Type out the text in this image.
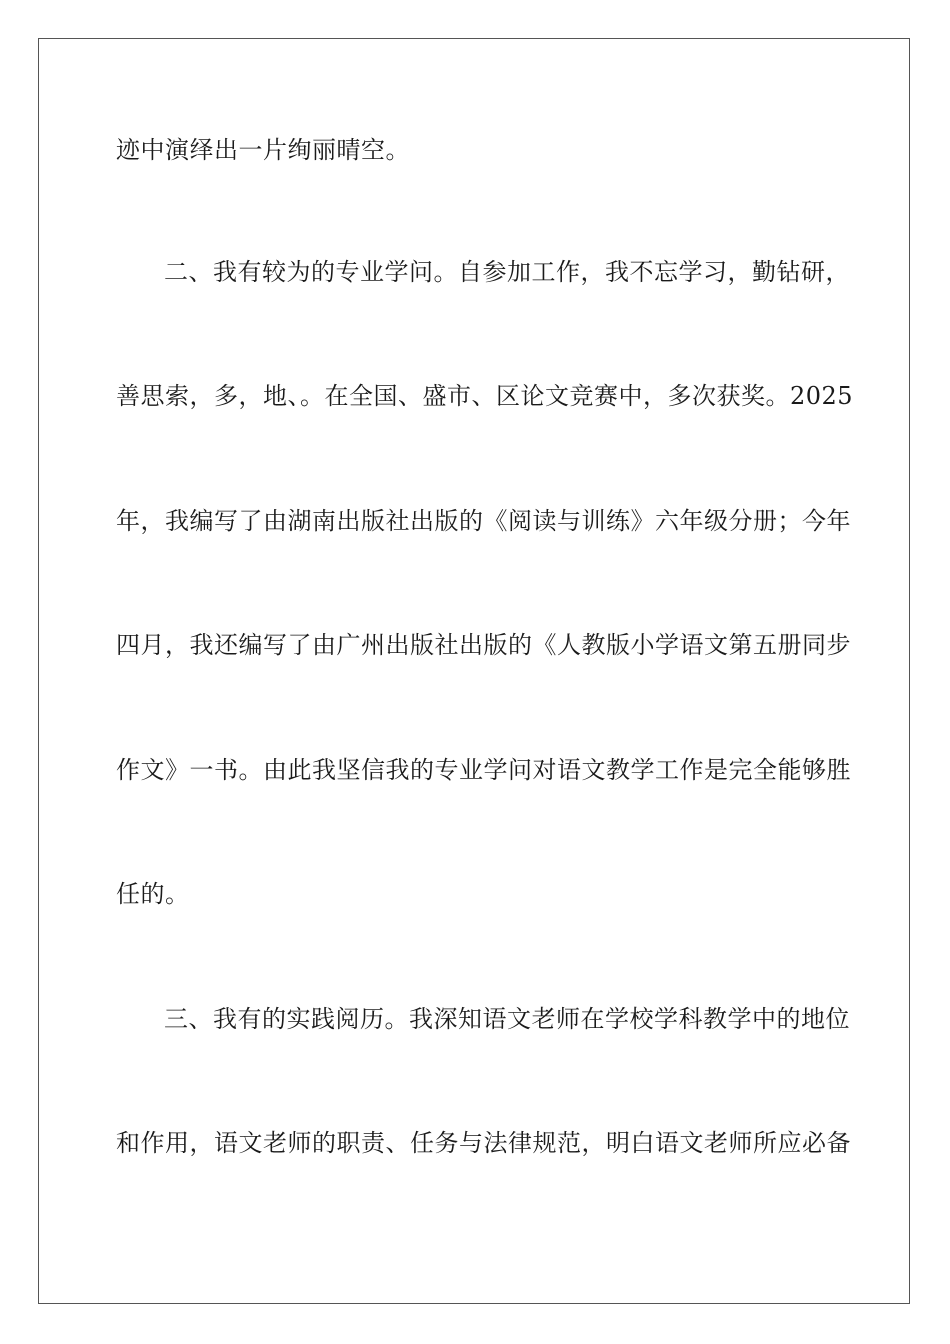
迹中演绎出一片绚丽晴空。
二、我有较为的专业学问。自参加工作，我不忘学习，勤钻研，
善思索，多，地、。在全国、盛市、区论文竞赛中，多次获奖。2025
年，我编写了由湖南出版社出版的《阅读与训练》六年级分册；今年
四月，我还编写了由广州出版社出版的《人教版小学语文第五册同步
作文》一书。由此我坚信我的专业学问对语文教学工作是完全能够胜
任的。
三、我有的实践阅历。我深知语文老师在学校学科教学中的地位
和作用，语文老师的职责、任务与法律规范，明白语文老师所应必备
